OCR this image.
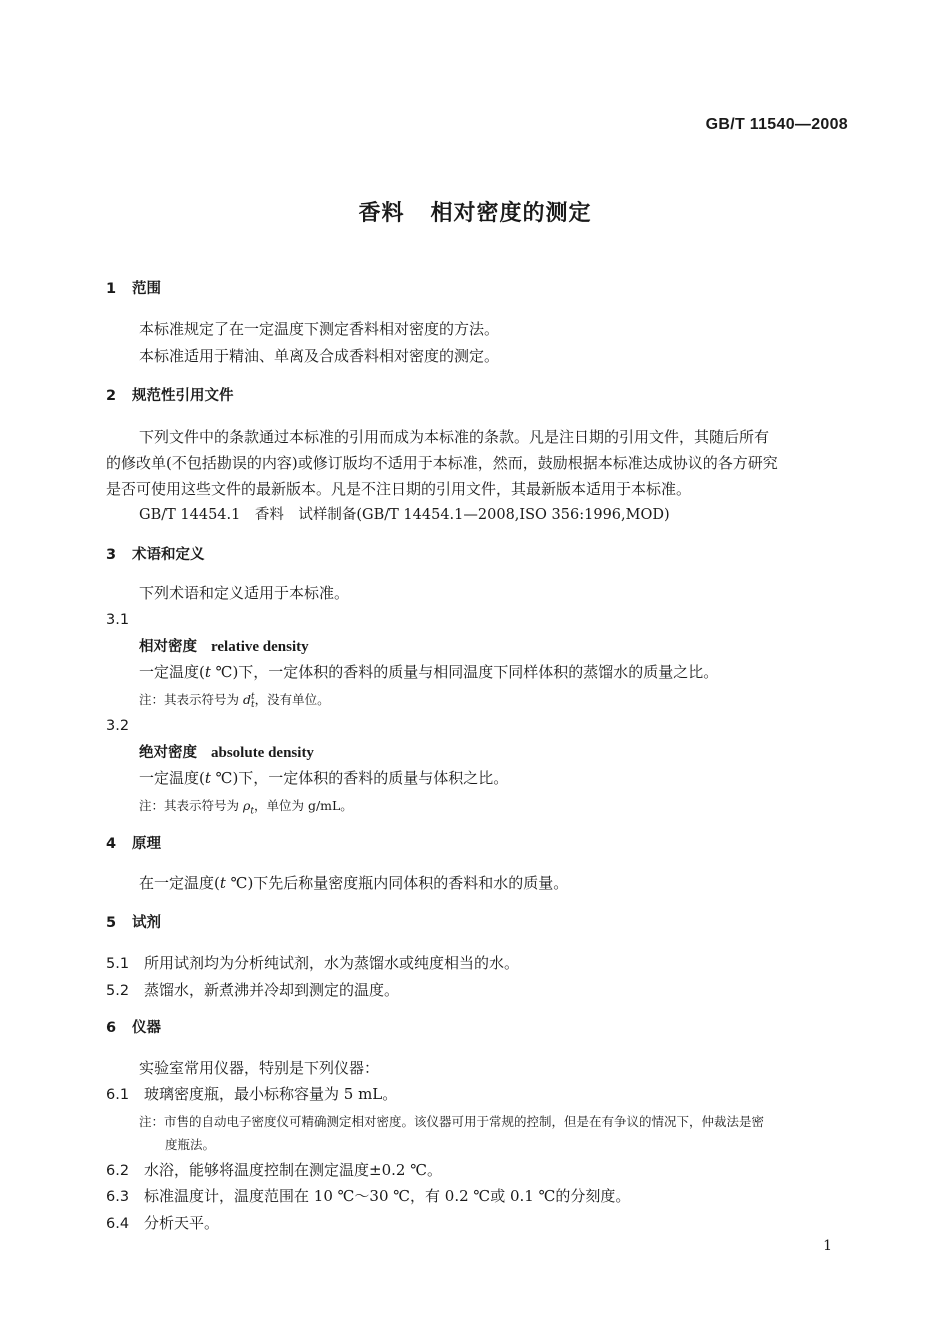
GB/T 11540—2008
香料 相对密度的测定
1 范围
本标准规定了在一定温度下测定香料相对密度的方法。
本标准适用于精油、单离及合成香料相对密度的测定。
2 规范性引用文件
下列文件中的条款通过本标准的引用而成为本标准的条款。凡是注日期的引用文件，其随后所有
的修改单(不包括勘误的内容)或修订版均不适用于本标准，然而，鼓励根据本标准达成协议的各方研究
是否可使用这些文件的最新版本。凡是不注日期的引用文件，其最新版本适用于本标准。
GB/T 14454.1　香料　试样制备(GB/T 14454.1—2008,ISO 356:1996,MOD)
3 术语和定义
下列术语和定义适用于本标准。
3.1
相对密度 relative density
一定温度(t ℃)下，一定体积的香料的质量与相同温度下同样体积的蒸馏水的质量之比。
注：其表示符号为 d t
t ，没有单位。
3.2
绝对密度 absolute density
一定温度(t ℃)下，一定体积的香料的质量与体积之比。
注：其表示符号为 $\rho_t$，单位为 g/mL。
4 原理
在一定温度(t ℃)下先后称量密度瓶内同体积的香料和水的质量。
5 试剂
5.1 所用试剂均为分析纯试剂，水为蒸馏水或纯度相当的水。
5.2 蒸馏水，新煮沸并冷却到测定的温度。
6 仪器
实验室常用仪器，特别是下列仪器：
6.1 玻璃密度瓶，最小标称容量为 5 mL。
注：市售的自动电子密度仪可精确测定相对密度。该仪器可用于常规的控制，但是在有争议的情况下，仲裁法是密
度瓶法。
6.2 水浴，能够将温度控制在测定温度±0.2 ℃。
6.3 标准温度计，温度范围在 10 ℃～30 ℃，有 0.2 ℃或 0.1 ℃的分刻度。
6.4 分析天平。
1
